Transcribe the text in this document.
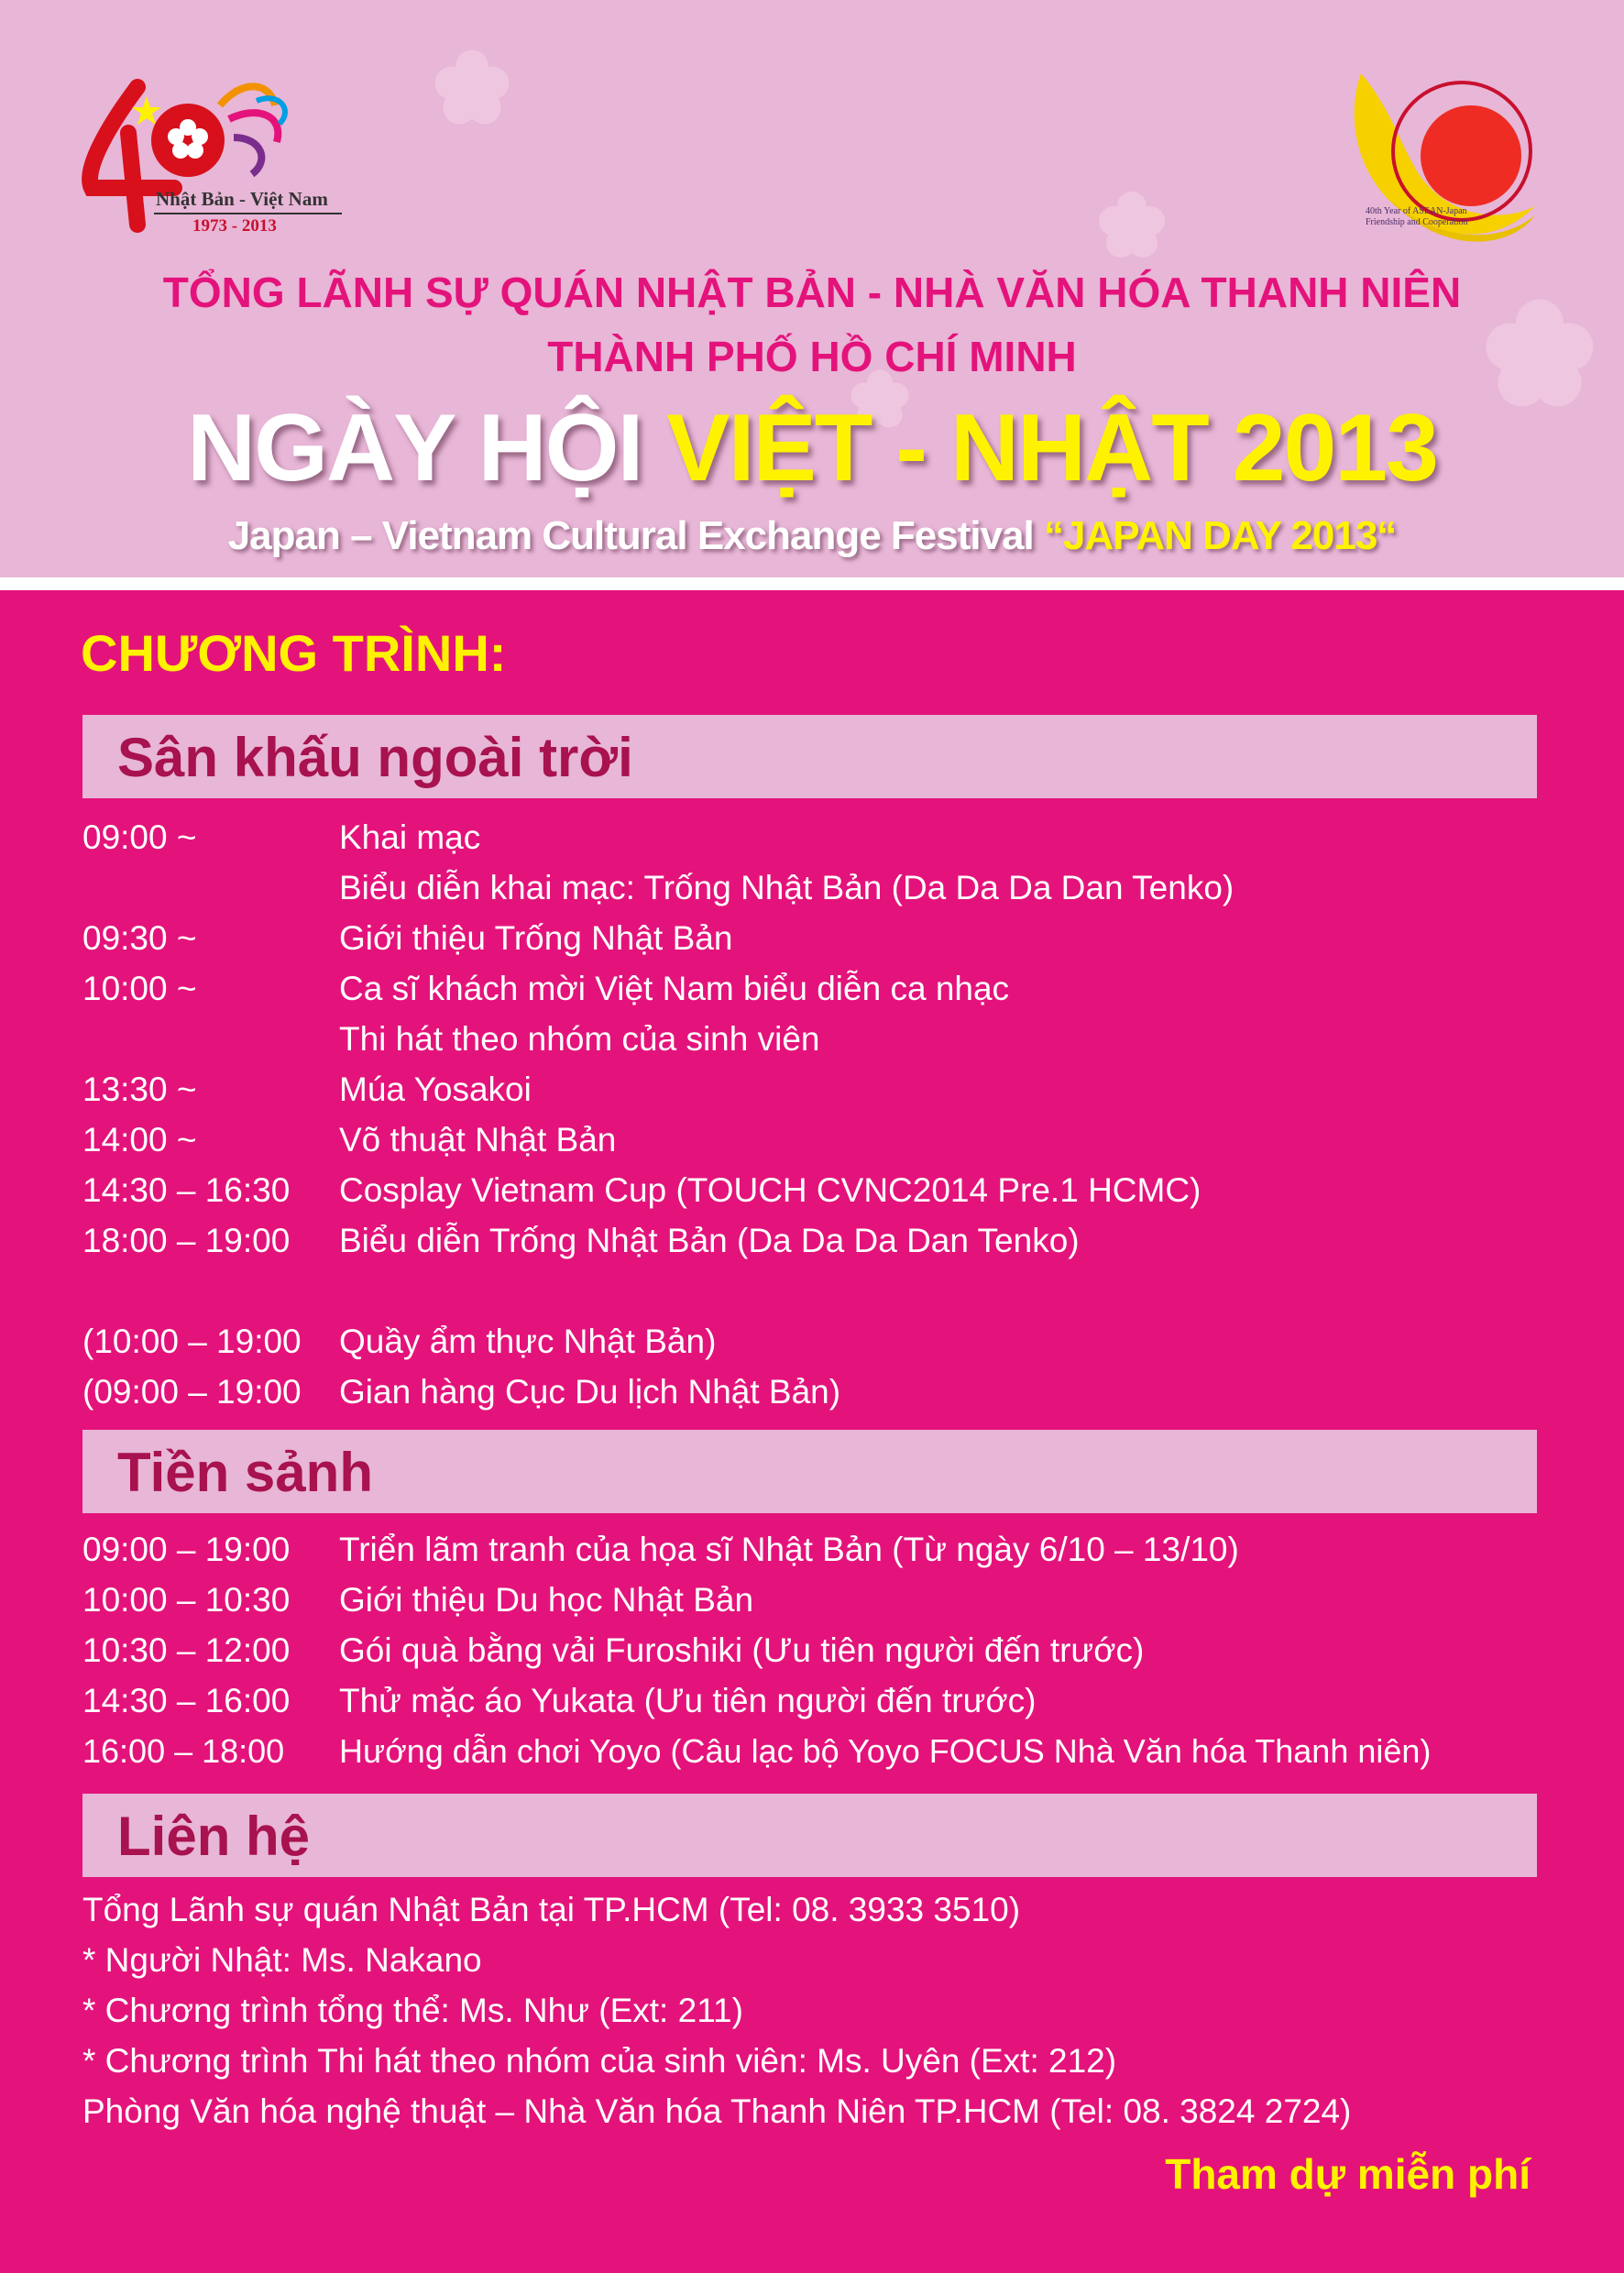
Nhật Bản - Việt Nam
1973 - 2013
40th Year of ASEAN-Japan Friendship and Cooperation
TỔNG LÃNH SỰ QUÁN NHẬT BẢN - NHÀ VĂN HÓA THANH NIÊN
THÀNH PHỐ HỒ CHÍ MINH
NGÀY HỘI VIỆT - NHẬT 2013
Japan – Vietnam Cultural Exchange Festival “JAPAN DAY 2013“
CHƯƠNG TRÌNH:
Sân khấu ngoài trời
09:00 ~	Khai mạc
Biểu diễn khai mạc: Trống Nhật Bản (Da Da Da Dan Tenko)
09:30 ~	Giới thiệu Trống Nhật Bản
10:00 ~	Ca sĩ khách mời Việt Nam biểu diễn ca nhạc
Thi hát theo nhóm của sinh viên
13:30 ~	Múa Yosakoi
14:00 ~	Võ thuật Nhật Bản
14:30 – 16:30 Cosplay Vietnam Cup (TOUCH CVNC2014 Pre.1 HCMC)
18:00 – 19:00 Biểu diễn Trống Nhật Bản (Da Da Da Dan Tenko)
(10:00 – 19:00 Quầy ẩm thực Nhật Bản)
(09:00 – 19:00 Gian hàng Cục Du lịch Nhật Bản)
Tiền sảnh
09:00 – 19:00 Triển lãm tranh của họa sĩ Nhật Bản (Từ ngày 6/10 – 13/10)
10:00 – 10:30 Giới thiệu Du học Nhật Bản
10:30 – 12:00 Gói quà bằng vải Furoshiki (Ưu tiên người đến trước)
14:30 – 16:00 Thử mặc áo Yukata (Ưu tiên người đến trước)
16:00 – 18:00 Hướng dẫn chơi Yoyo (Câu lạc bộ Yoyo FOCUS Nhà Văn hóa Thanh niên)
Liên hệ
Tổng Lãnh sự quán Nhật Bản tại TP.HCM (Tel: 08. 3933 3510)
* Người Nhật: Ms. Nakano
* Chương trình tổng thể: Ms. Như (Ext: 211)
* Chương trình Thi hát theo nhóm của sinh viên: Ms. Uyên (Ext: 212)
Phòng Văn hóa nghệ thuật – Nhà Văn hóa Thanh Niên TP.HCM (Tel: 08. 3824 2724)
Tham dự miễn phí
